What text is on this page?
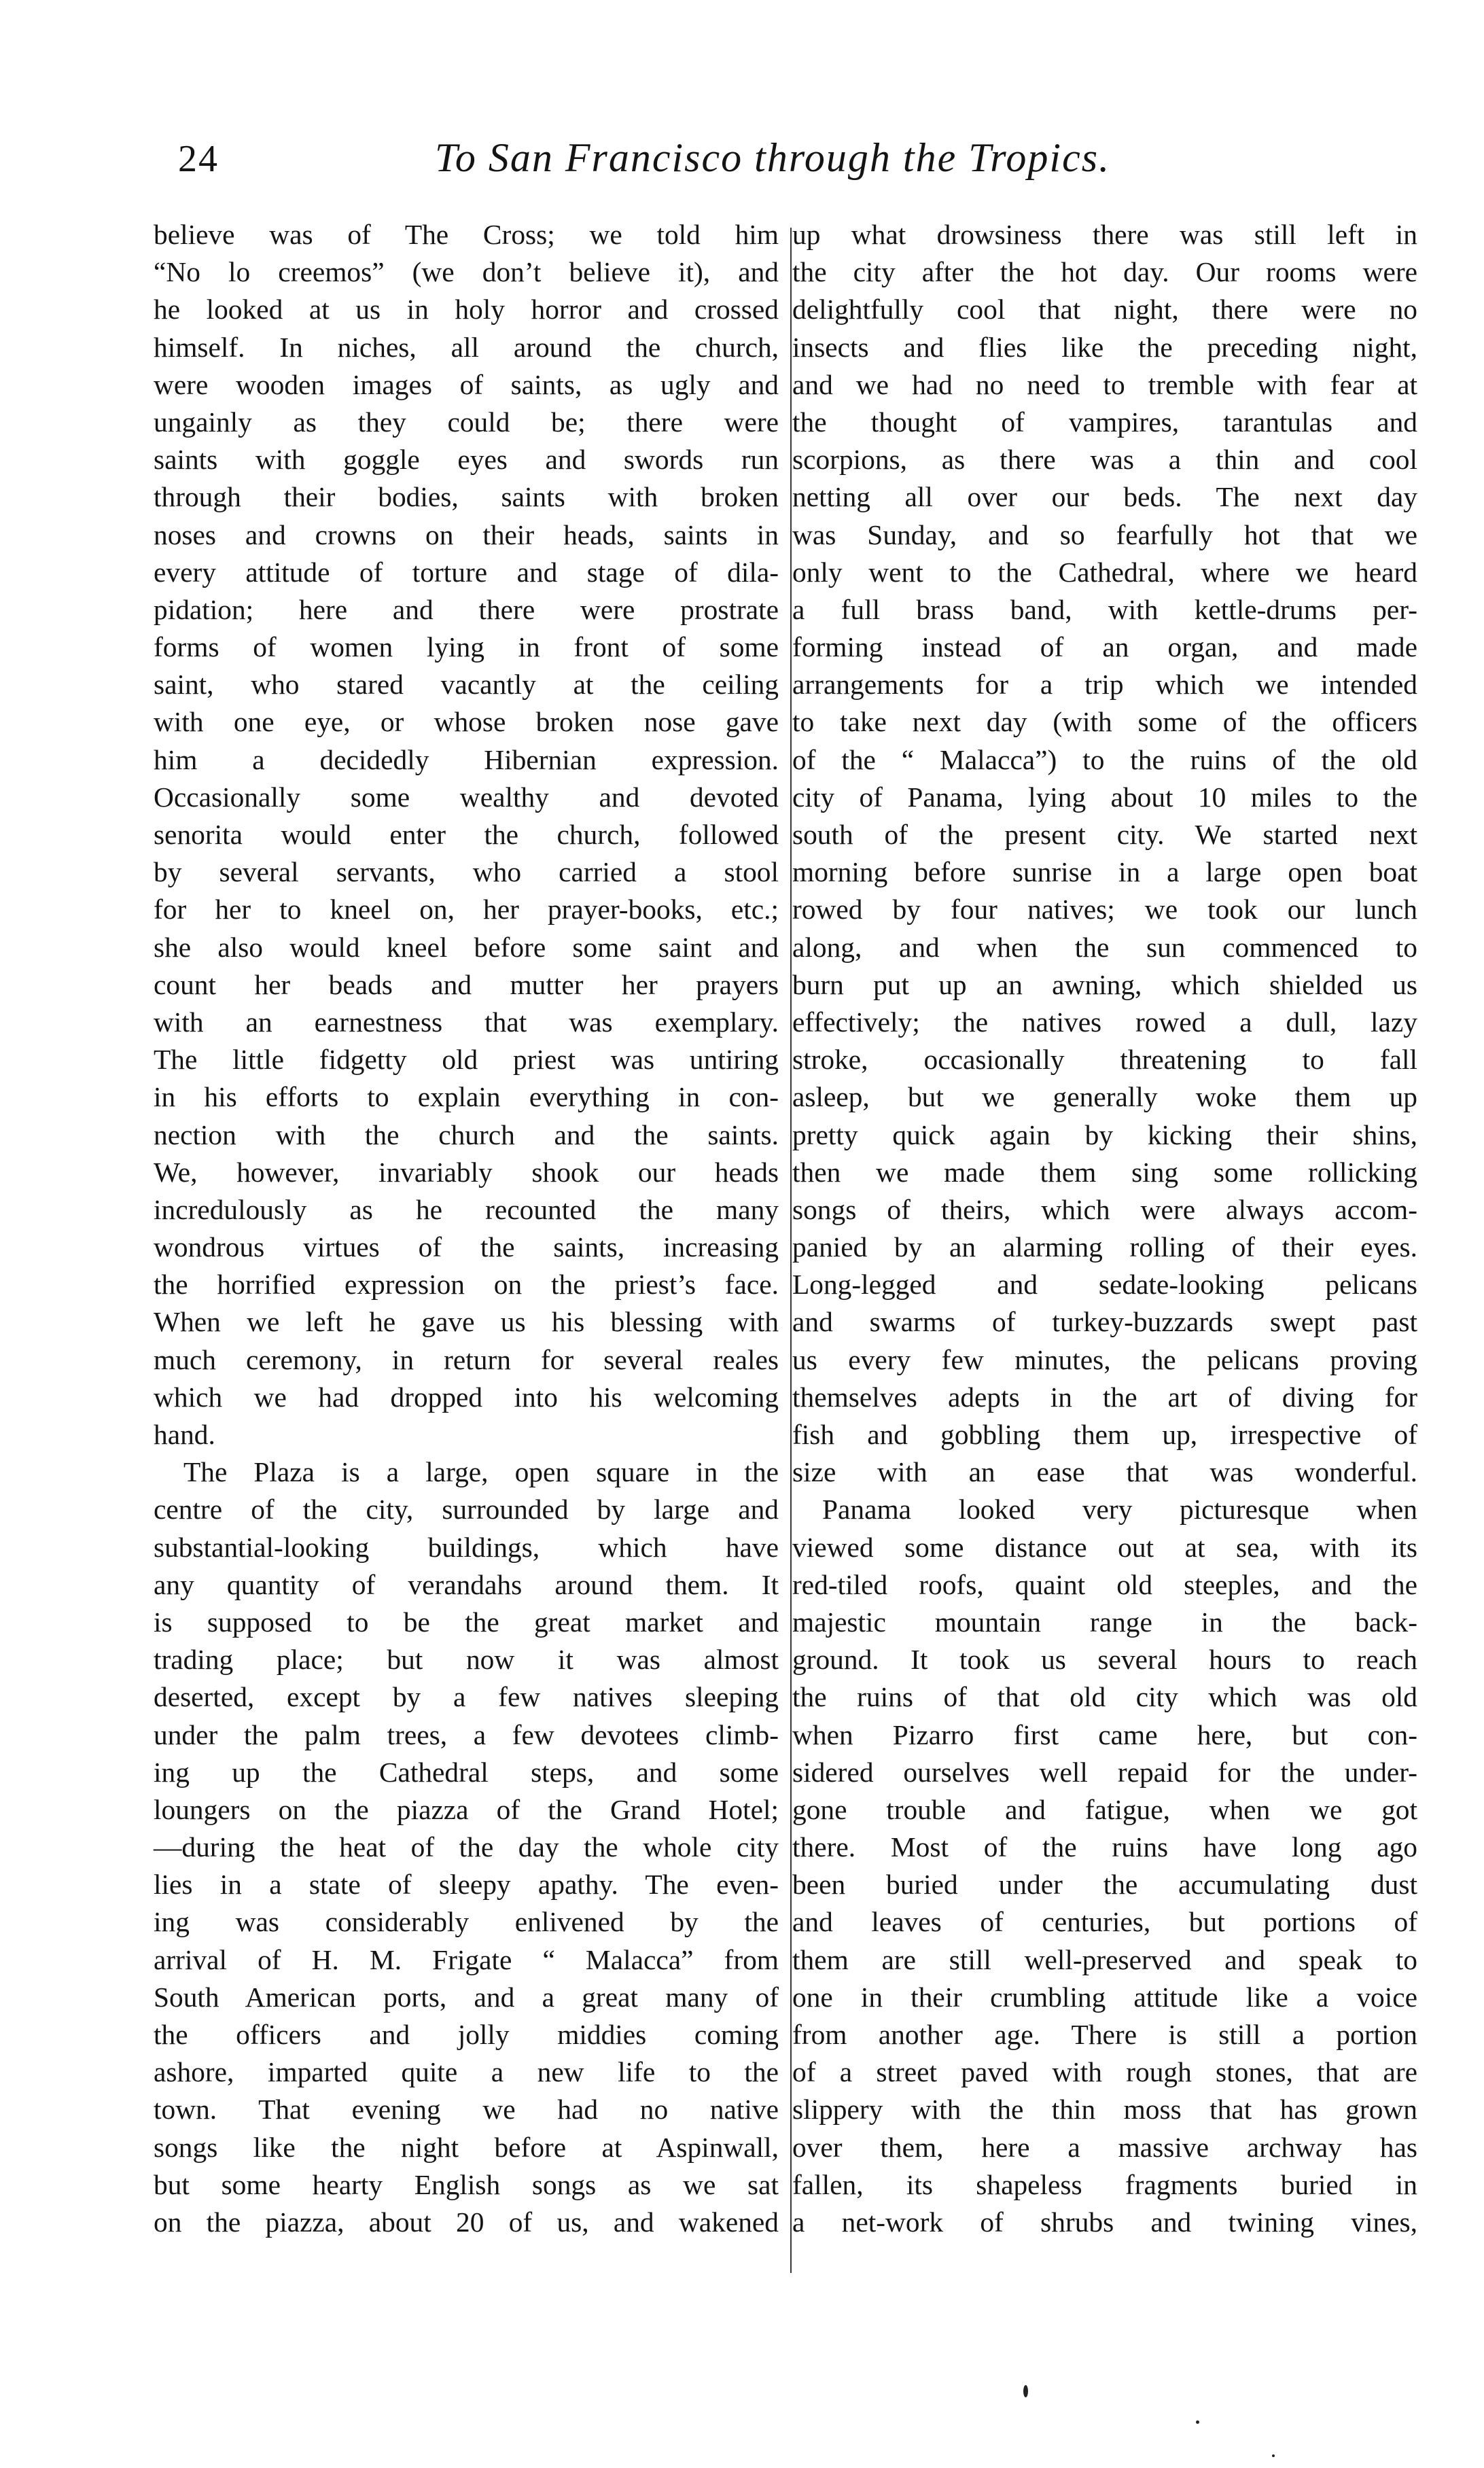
24	To San Francisco through the Tropics.
believe was of The Cross; we told him
“No lo creemos” (we don’t believe it), and
he looked at us in holy horror and crossed
himself. In niches, all around the church,
were wooden images of saints, as ugly and
ungainly as they could be; there were
saints with goggle eyes and swords run
through their bodies, saints with broken
noses and crowns on their heads, saints in
every attitude of torture and stage of dila-
pidation; here and there were prostrate
forms of women lying in front of some
saint, who stared vacantly at the ceiling
with one eye, or whose broken nose gave
him a decidedly Hibernian expression.
Occasionally some wealthy and devoted
senorita would enter the church, followed
by several servants, who carried a stool
for her to kneel on, her prayer-books, etc.;
she also would kneel before some saint and
count her beads and mutter her prayers
with an earnestness that was exemplary.
The little fidgetty old priest was untiring
in his efforts to explain everything in con-
nection with the church and the saints.
We, however, invariably shook our heads
incredulously as he recounted the many
wondrous virtues of the saints, increasing
the horrified expression on the priest’s face.
When we left he gave us his blessing with
much ceremony, in return for several reales
which we had dropped into his welcoming
hand.
The Plaza is a large, open square in the
centre of the city, surrounded by large and
substantial-looking buildings, which have
any quantity of verandahs around them. It
is supposed to be the great market and
trading place; but now it was almost
deserted, except by a few natives sleeping
under the palm trees, a few devotees climb-
ing up the Cathedral steps, and some
loungers on the piazza of the Grand Hotel;
—during the heat of the day the whole city
lies in a state of sleepy apathy. The even-
ing was considerably enlivened by the
arrival of H. M. Frigate “ Malacca” from
South American ports, and a great many of
the officers and jolly middies coming
ashore, imparted quite a new life to the
town. That evening we had no native
songs like the night before at Aspinwall,
but some hearty English songs as we sat
on the piazza, about 20 of us, and wakened
up what drowsiness there was still left in
the city after the hot day. Our rooms were
delightfully cool that night, there were no
insects and flies like the preceding night,
and we had no need to tremble with fear at
the thought of vampires, tarantulas and
scorpions, as there was a thin and cool
netting all over our beds. The next day
was Sunday, and so fearfully hot that we
only went to the Cathedral, where we heard
a full brass band, with kettle-drums per-
forming instead of an organ, and made
arrangements for a trip which we intended
to take next day (with some of the officers
of the “ Malacca”) to the ruins of the old
city of Panama, lying about 10 miles to the
south of the present city. We started next
morning before sunrise in a large open boat
rowed by four natives; we took our lunch
along, and when the sun commenced to
burn put up an awning, which shielded us
effectively; the natives rowed a dull, lazy
stroke, occasionally threatening to fall
asleep, but we generally woke them up
pretty quick again by kicking their shins,
then we made them sing some rollicking
songs of theirs, which were always accom-
panied by an alarming rolling of their eyes.
Long-legged and sedate-looking pelicans
and swarms of turkey-buzzards swept past
us every few minutes, the pelicans proving
themselves adepts in the art of diving for
fish and gobbling them up, irrespective of
size with an ease that was wonderful.
Panama looked very picturesque when
viewed some distance out at sea, with its
red-tiled roofs, quaint old steeples, and the
majestic mountain range in the back-
ground. It took us several hours to reach
the ruins of that old city which was old
when Pizarro first came here, but con-
sidered ourselves well repaid for the under-
gone trouble and fatigue, when we got
there. Most of the ruins have long ago
been buried under the accumulating dust
and leaves of centuries, but portions of
them are still well-preserved and speak to
one in their crumbling attitude like a voice
from another age. There is still a portion
of a street paved with rough stones, that are
slippery with the thin moss that has grown
over them, here a massive archway has
fallen, its shapeless fragments buried in
a net-work of shrubs and twining vines,
